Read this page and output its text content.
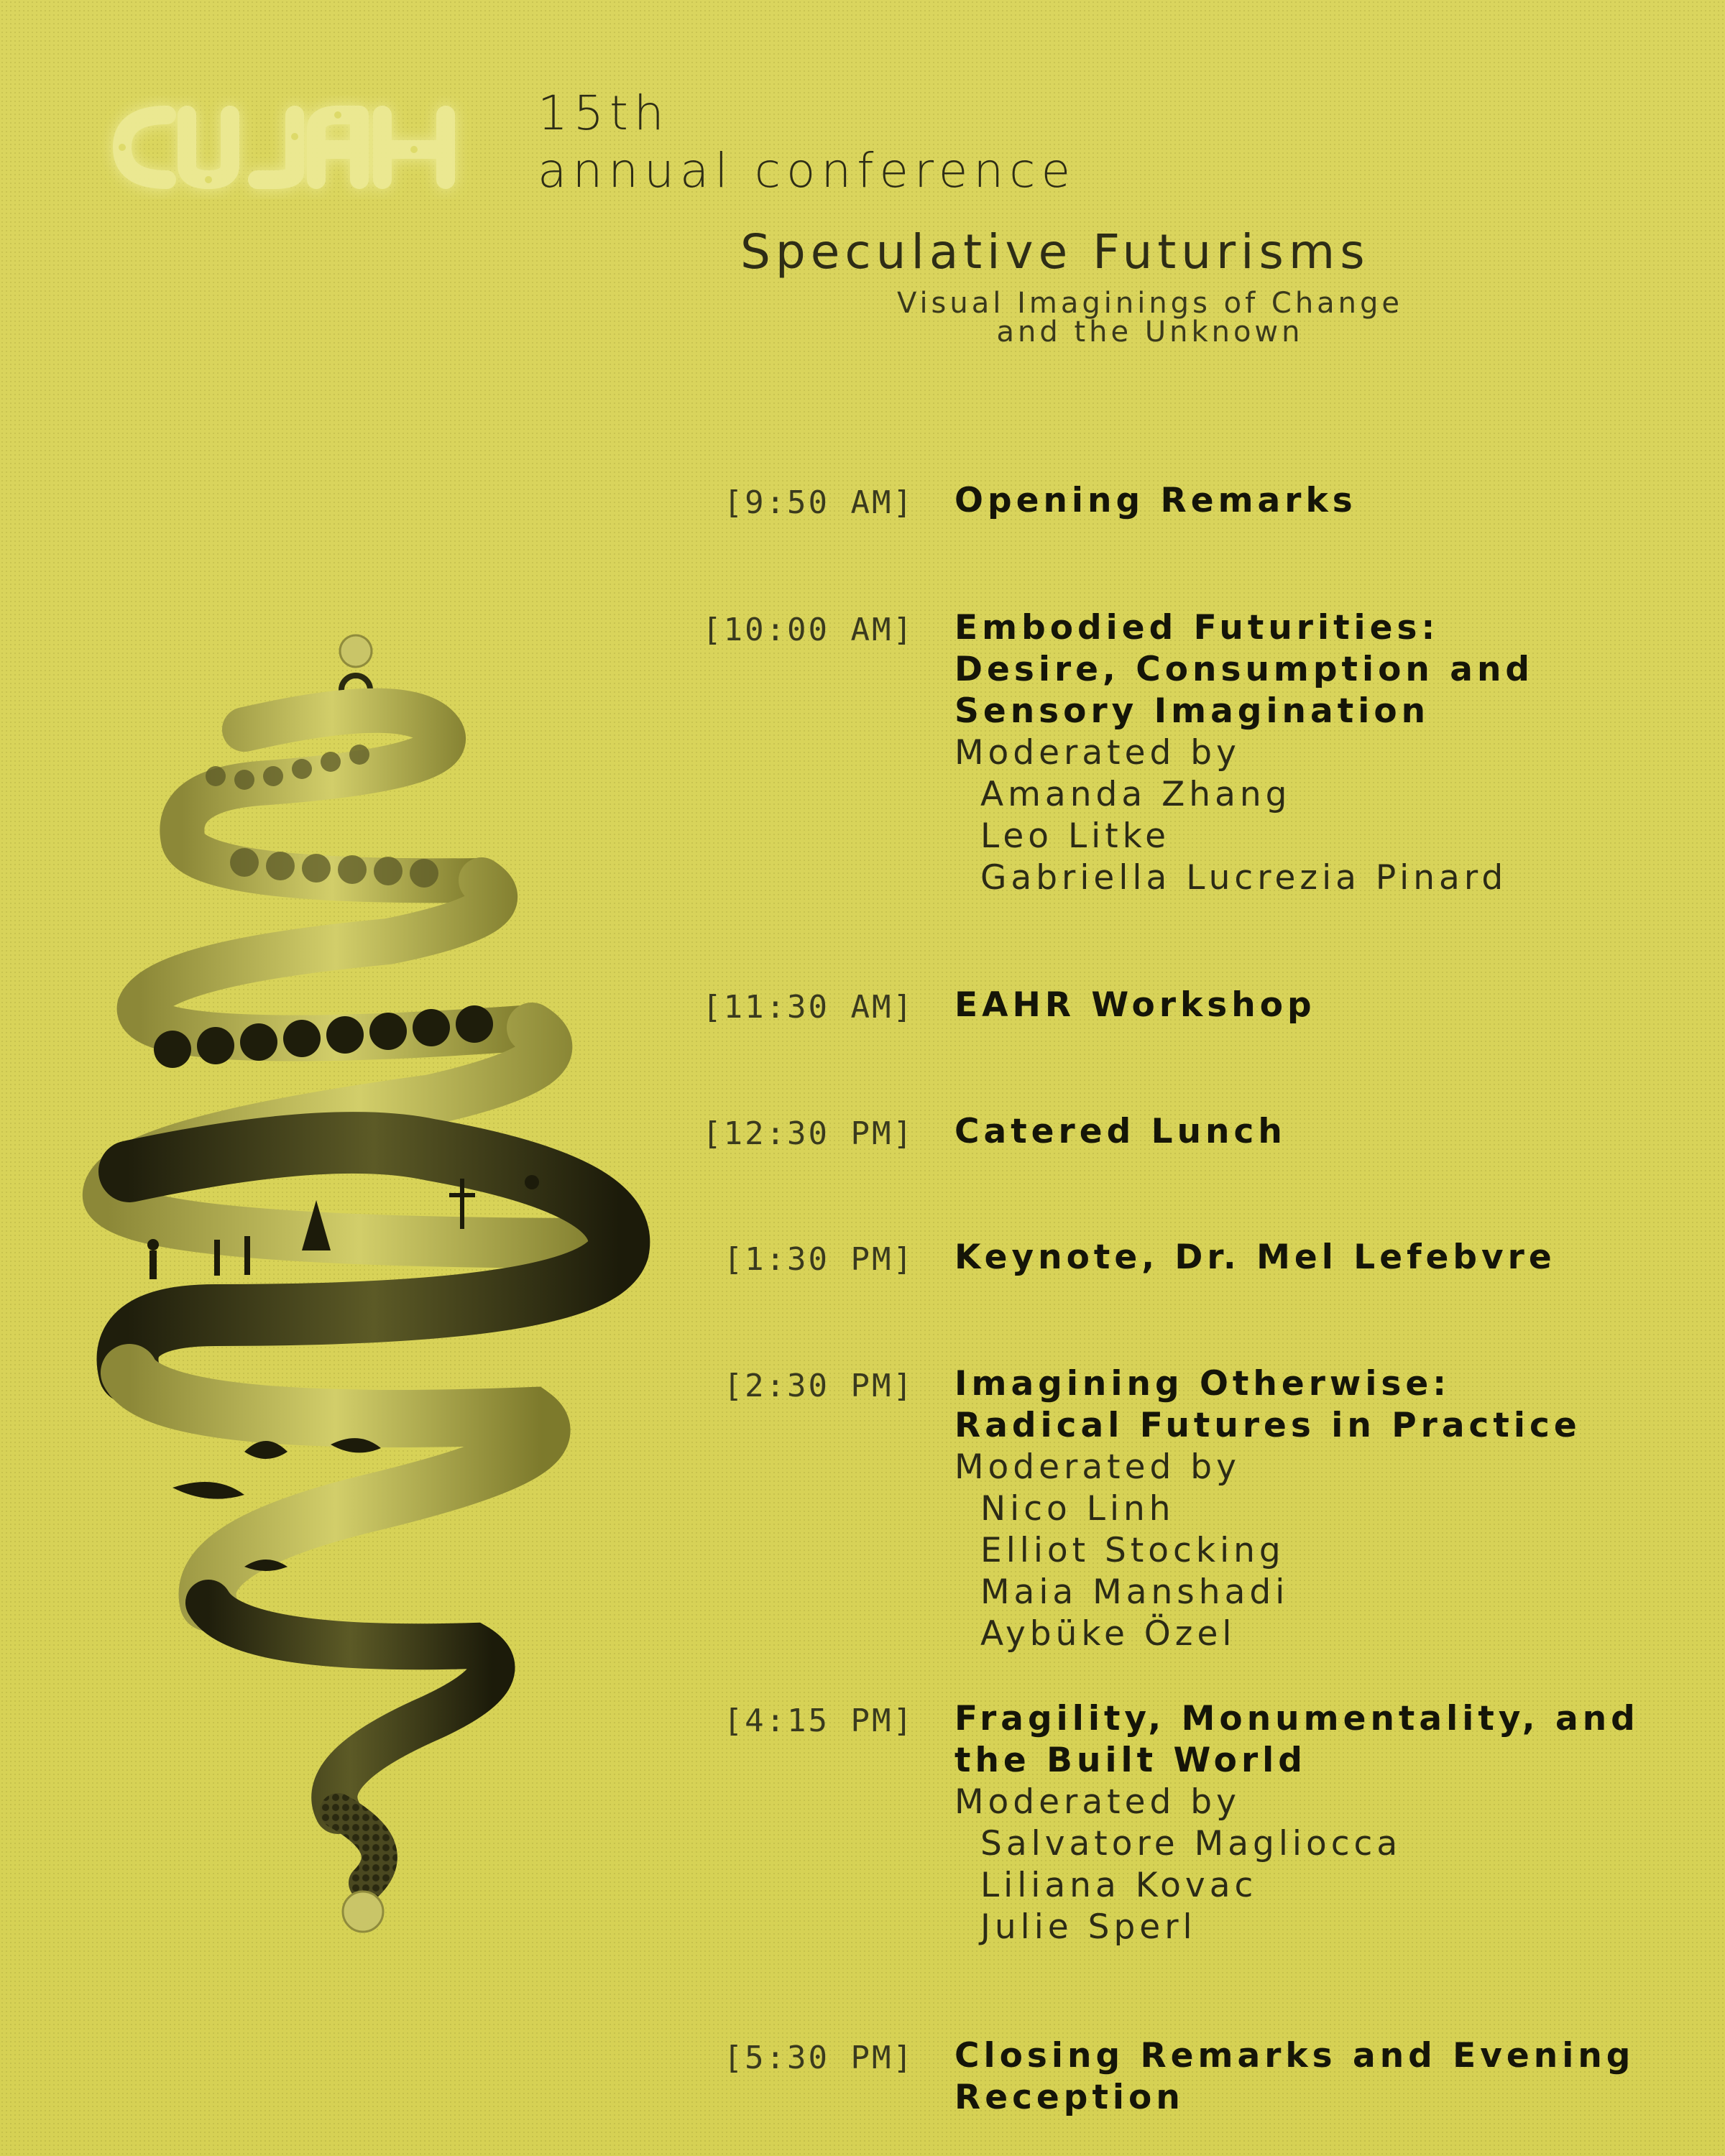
15th
annual conference
Speculative Futurisms
Visual Imaginings of Change
and the Unknown
[9:50 AM] Opening Remarks
[10:00 AM] Embodied Futurities:
Desire, Consumption and
Sensory Imagination
Moderated by
Amanda Zhang
Leo Litke
Gabriella Lucrezia Pinard
[11:30 AM] EAHR Workshop
[12:30 PM] Catered Lunch
[1:30 PM] Keynote, Dr. Mel Lefebvre
[2:30 PM] Imagining Otherwise:
Radical Futures in Practice
Moderated by
Nico Linh
Elliot Stocking
Maia Manshadi
Aybüke Özel
[4:15 PM] Fragility, Monumentality, and
the Built World
Moderated by
Salvatore Magliocca
Liliana Kovac
Julie Sperl
[5:30 PM] Closing Remarks and Evening
Reception
